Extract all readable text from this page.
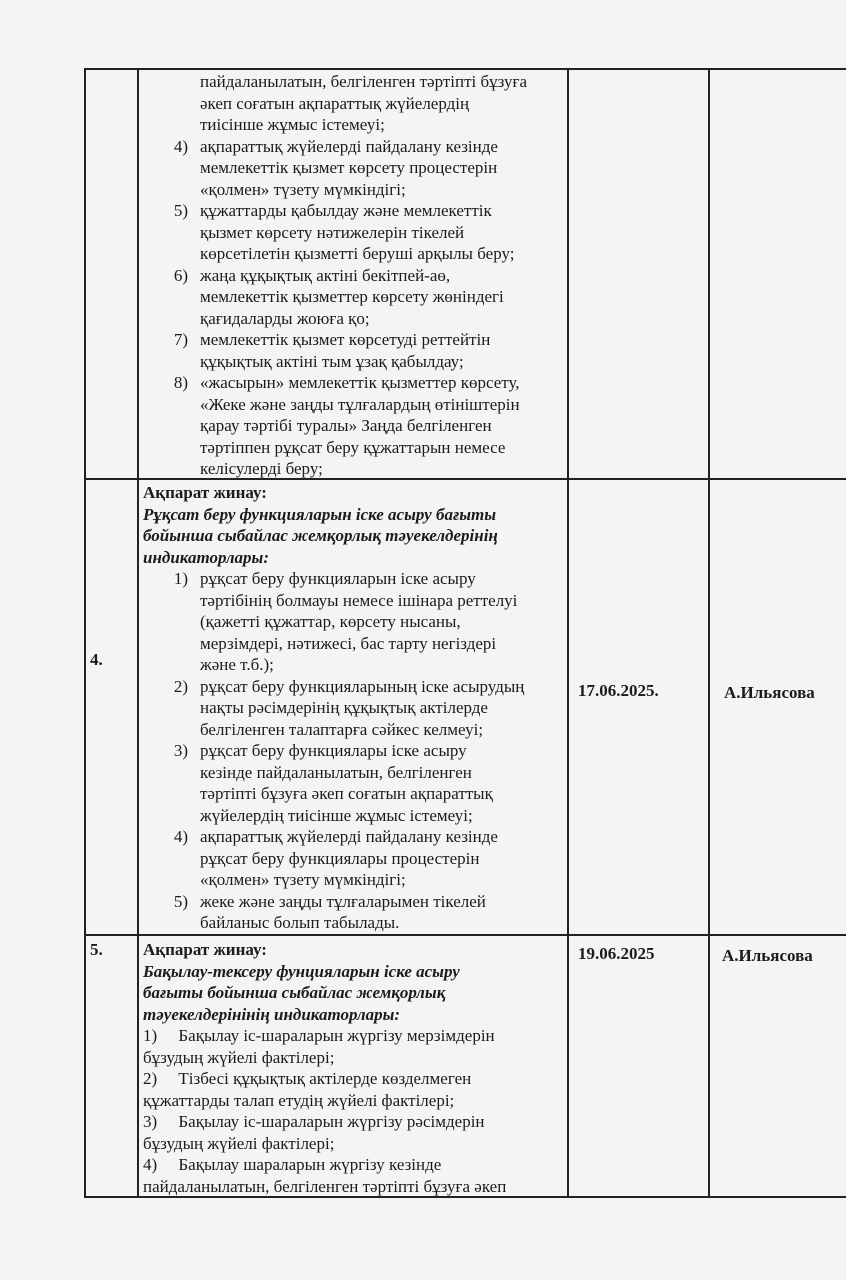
пайдаланылатын, белгіленген тәртіпті бұзуға
әкеп соғатын ақпараттық жүйелердің
тиісінше жұмыс істемеуі;
4) ақпараттық жүйелерді пайдалану кезінде
мемлекеттік қызмет көрсету процестерін
«қолмен» түзету мүмкіндігі;
5) құжаттарды қабылдау және мемлекеттік
қызмет көрсету нәтижелерін тікелей
көрсетілетін қызметті беруші арқылы беру;
6) жаңа құқықтық актіні бекітпей-аө,
мемлекеттік қызметтер көрсету жөніндегі
қағидаларды жоюға қо;
7) мемлекеттік қызмет көрсетуді реттейтін
құқықтық актіні тым ұзақ қабылдау;
8) «жасырын» мемлекеттік қызметтер көрсету,
«Жеке және заңды тұлғалардың өтініштерін
қарау тәртібі туралы» Заңда белгіленген
тәртіппен рұқсат беру құжаттарын немесе
келісулерді беру;
4.
Ақпарат жинау:
Рұқсат беру функцияларын іске асыру бағыты
бойынша сыбайлас жемқорлық тәуекелдерінің
индикаторлары:
1) рұқсат беру функцияларын іске асыру
тәртібінің болмауы немесе ішінара реттелуі
(қажетті құжаттар, көрсету нысаны,
мерзімдері, нәтижесі, бас тарту негіздері
және т.б.);
2) рұқсат беру функцияларының іске асырудың
нақты рәсімдерінің құқықтық актілерде
белгіленген талаптарға сәйкес келмеуі;
3) рұқсат беру функциялары іске асыру
кезінде пайдаланылатын, белгіленген
тәртіпті бұзуға әкеп соғатын ақпараттық
жүйелердің тиісінше жұмыс істемеуі;
4) ақпараттық жүйелерді пайдалану кезінде
рұқсат беру функциялары процестерін
«қолмен» түзету мүмкіндігі;
5) жеке және заңды тұлғаларымен тікелей
байланыс болып табылады.
17.06.2025.	А.Ильясова
5. Ақпарат жинау:
Бақылау-тексеру фунцияларын іске асыру
бағыты бойынша сыбайлас жемқорлық
тәуекелдерінінің индикаторлары:
1)     Бақылау іс-шараларын жүргізу мерзімдерін
бұзудың жүйелі фактілері;
2)     Тізбесі құқықтық актілерде көзделмеген
құжаттарды талап етудің жүйелі фактілері;
3)     Бақылау іс-шараларын жүргізу рәсімдерін
бұзудың жүйелі фактілері;
4)     Бақылау шараларын жүргізу кезінде
пайдаланылатын, белгіленген тәртіпті бұзуға әкеп
19.06.2025	А.Ильясова
